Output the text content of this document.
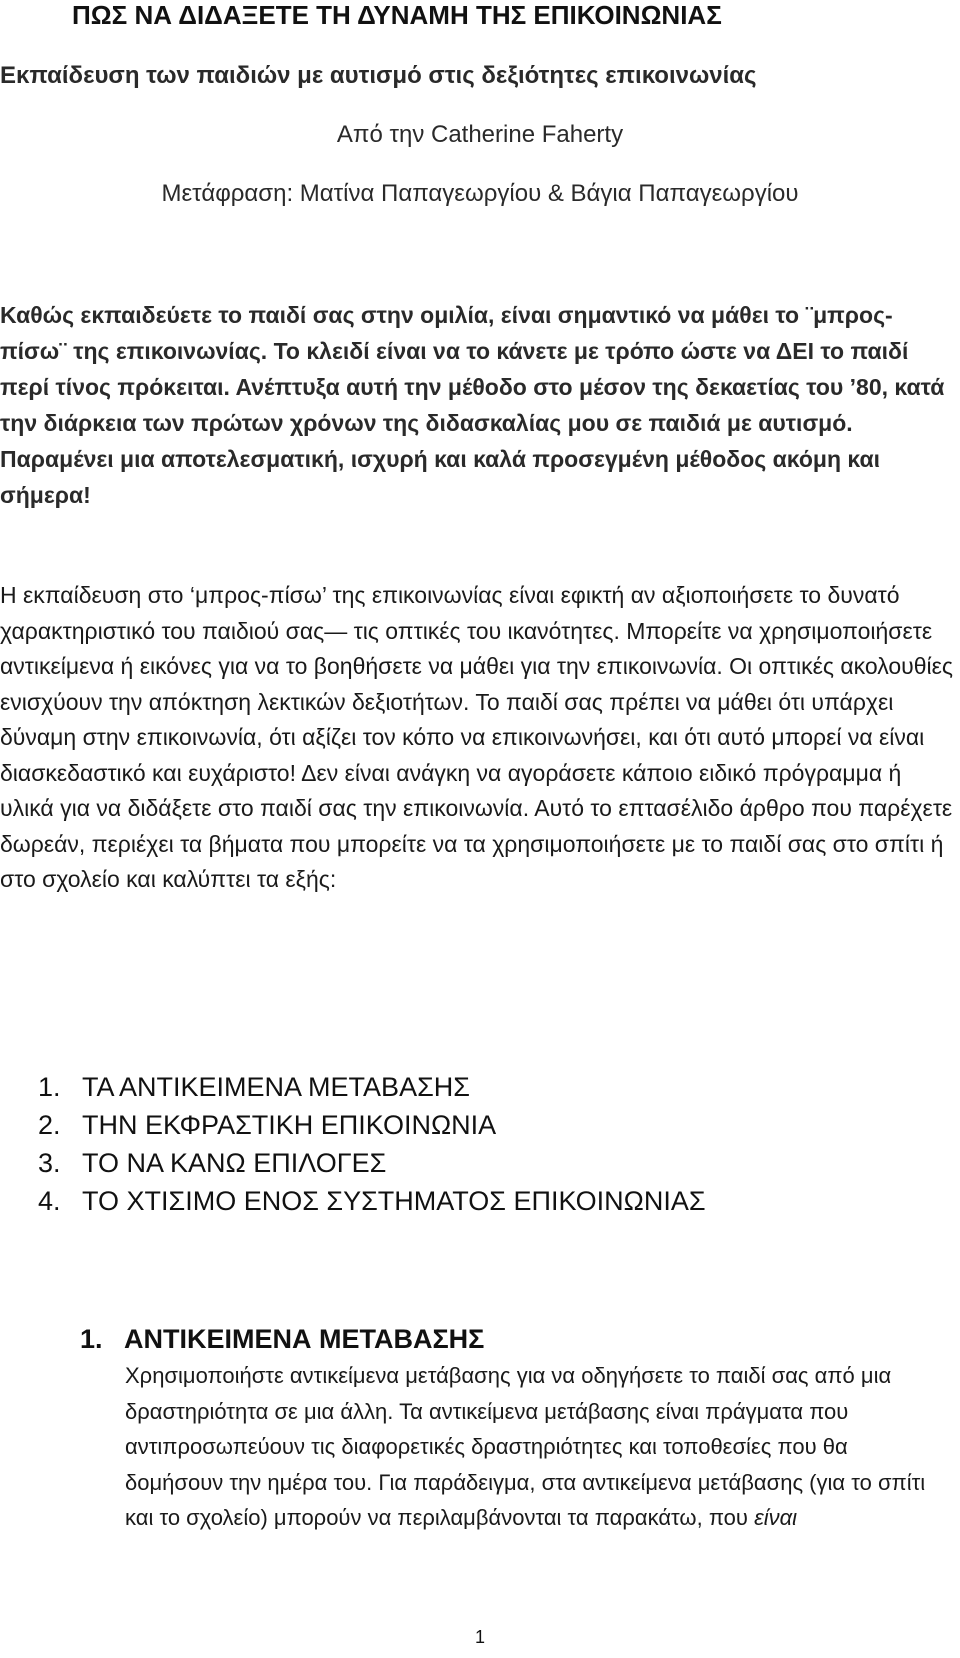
ΠΩΣ ΝΑ ΔΙΔΑΞΕΤΕ ΤΗ ΔΥΝΑΜΗ ΤΗΣ ΕΠΙΚΟΙΝΩΝΙΑΣ

Εκπαίδευση των παιδιών με αυτισμό στις δεξιότητες επικοινωνίας

Από την Catherine Faherty

Μετάφραση: Ματίνα Παπαγεωργίου & Βάγια Παπαγεωργίου

Καθώς εκπαιδεύετε το παιδί σας στην ομιλία, είναι σημαντικό να μάθει το ¨μπρος-πίσω¨ της επικοινωνίας. Το κλειδί είναι να το κάνετε με τρόπο ώστε να ΔΕΙ το παιδί περί τίνος πρόκειται. Ανέπτυξα αυτή την μέθοδο στο μέσον της δεκαετίας του ’80, κατά την διάρκεια των πρώτων χρόνων της διδασκαλίας μου σε παιδιά με αυτισμό. Παραμένει μια αποτελεσματική, ισχυρή και καλά προσεγμένη μέθοδος ακόμη και σήμερα!

Η εκπαίδευση στο ‘μπρος-πίσω’ της επικοινωνίας είναι εφικτή αν αξιοποιήσετε το δυνατό χαρακτηριστικό του παιδιού σας— τις οπτικές του ικανότητες. Μπορείτε να χρησιμοποιήσετε αντικείμενα ή εικόνες για να το βοηθήσετε να μάθει για την επικοινωνία. Οι οπτικές ακολουθίες ενισχύουν την απόκτηση λεκτικών δεξιοτήτων. Το παιδί σας πρέπει να μάθει ότι υπάρχει δύναμη στην επικοινωνία, ότι αξίζει τον κόπο να επικοινωνήσει, και ότι αυτό μπορεί να είναι διασκεδαστικό και ευχάριστο! Δεν είναι ανάγκη να αγοράσετε κάποιο ειδικό πρόγραμμα ή υλικά για να διδάξετε στο παιδί σας την επικοινωνία. Αυτό το επτασέλιδο άρθρο που παρέχετε δωρεάν, περιέχει τα βήματα που μπορείτε να τα χρησιμοποιήσετε με το παιδί σας στο σπίτι ή στο σχολείο και καλύπτει τα εξής:

1. ΤΑ ΑΝΤΙΚΕΙΜΕΝΑ ΜΕΤΑΒΑΣΗΣ
2. ΤΗΝ ΕΚΦΡΑΣΤΙΚΗ ΕΠΙΚΟΙΝΩΝΙΑ
3. ΤΟ ΝΑ ΚΑΝΩ ΕΠΙΛΟΓΕΣ
4. ΤΟ ΧΤΙΣΙΜΟ ΕΝΟΣ ΣΥΣΤΗΜΑΤΟΣ ΕΠΙΚΟΙΝΩΝΙΑΣ
1. ΑΝΤΙΚΕΙΜΕΝΑ ΜΕΤΑΒΑΣΗΣ

Χρησιμοποιήστε αντικείμενα μετάβασης για να οδηγήσετε το παιδί σας από μια δραστηριότητα σε μια άλλη. Τα αντικείμενα μετάβασης είναι πράγματα που αντιπροσωπεύουν τις διαφορετικές δραστηριότητες και τοποθεσίες που θα δομήσουν την ημέρα του. Για παράδειγμα, στα αντικείμενα μετάβασης (για το σπίτι και το σχολείο) μπορούν να περιλαμβάνονται τα παρακάτω, που είναι

1
